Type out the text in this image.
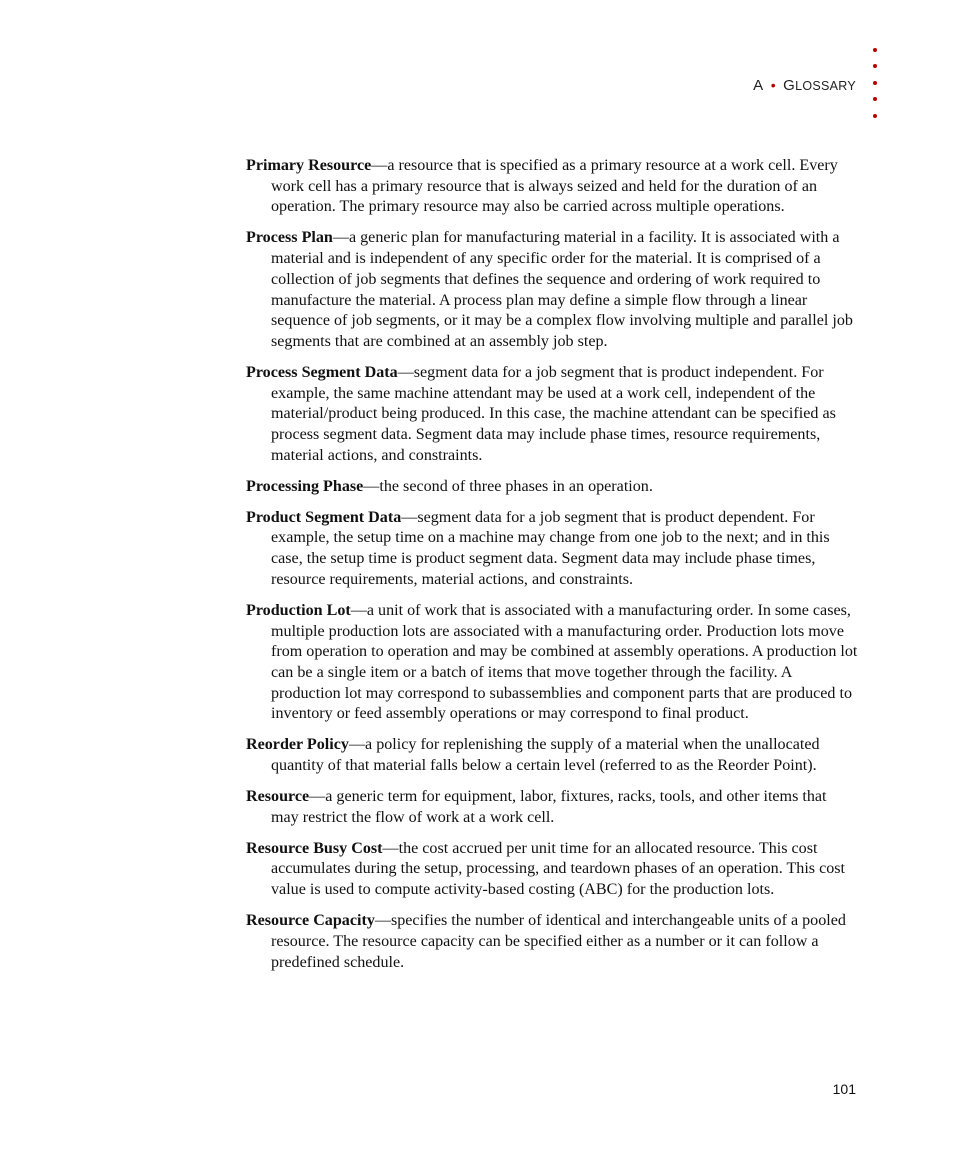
A • GLOSSARY

Primary Resource—a resource that is specified as a primary resource at a work cell. Every work cell has a primary resource that is always seized and held for the duration of an operation. The primary resource may also be carried across multiple operations.

Process Plan—a generic plan for manufacturing material in a facility. It is associated with a material and is independent of any specific order for the material. It is comprised of a collection of job segments that defines the sequence and ordering of work required to manufacture the material. A process plan may define a simple flow through a linear sequence of job segments, or it may be a complex flow involving multiple and parallel job segments that are combined at an assembly job step.

Process Segment Data—segment data for a job segment that is product independent. For example, the same machine attendant may be used at a work cell, independent of the material/product being produced. In this case, the machine attendant can be specified as process segment data. Segment data may include phase times, resource requirements, material actions, and constraints.

Processing Phase—the second of three phases in an operation.

Product Segment Data—segment data for a job segment that is product dependent. For example, the setup time on a machine may change from one job to the next; and in this case, the setup time is product segment data. Segment data may include phase times, resource requirements, material actions, and constraints.

Production Lot—a unit of work that is associated with a manufacturing order. In some cases, multiple production lots are associated with a manufacturing order. Production lots move from operation to operation and may be combined at assembly operations. A production lot can be a single item or a batch of items that move together through the facility. A production lot may correspond to subassemblies and component parts that are produced to inventory or feed assembly operations or may correspond to final product.

Reorder Policy—a policy for replenishing the supply of a material when the unallocated quantity of that material falls below a certain level (referred to as the Reorder Point).

Resource—a generic term for equipment, labor, fixtures, racks, tools, and other items that may restrict the flow of work at a work cell.

Resource Busy Cost—the cost accrued per unit time for an allocated resource. This cost accumulates during the setup, processing, and teardown phases of an operation. This cost value is used to compute activity-based costing (ABC) for the production lots.

Resource Capacity—specifies the number of identical and interchangeable units of a pooled resource. The resource capacity can be specified either as a number or it can follow a predefined schedule.

101
